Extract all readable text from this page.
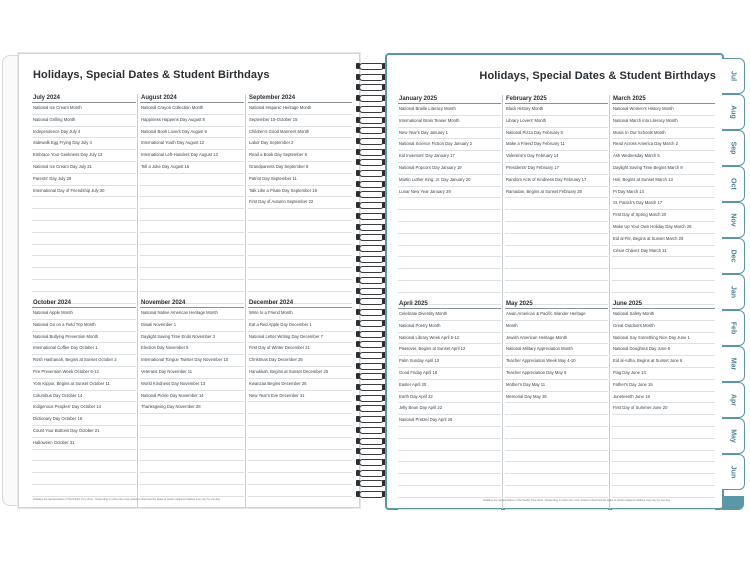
Holidays, Special Dates & Student Birthdays
July 2024
National Ice Cream Month
National Grilling Month
Independence Day July 4
Sidewalk Egg Frying Day July 4
Embrace Your Geekness Day July 13
National Ice Cream Day July 21
Parents' Day July 28
International Day of Friendship July 30
August 2024
National Crayon Collection Month
Happiness Happens Day August 8
National Book Lovers Day August 9
International Youth Day August 12
International Left-Handers Day August 13
Tell a Joke Day August 16
September 2024
National Hispanic Heritage Month
September 15-October 15
Children's Good Manners Month
Labor Day September 2
Read a Book Day September 6
Grandparents Day September 8
Patriot Day September 11
Talk Like a Pirate Day September 19
First Day of Autumn September 22
October 2024
National Apple Month
National Go on a Field Trip Month
National Bullying Prevention Month
International Coffee Day October 1
Rosh Hashanah, Begins at Sunset October 2
Fire Prevention Week October 6-12
Yom Kippur, Begins at Sunset October 11
Columbus Day October 14
Indigenous Peoples' Day October 14
Dictionary Day October 16
Count Your Buttons Day October 21
Halloween October 31
November 2024
National Native American Heritage Month
Diwali November 1
Daylight Saving Time Ends November 3
Election Day November 5
International Tongue Twister Day November 10
Veterans Day November 11
World Kindness Day November 13
National Pickle Day November 14
Thanksgiving Day November 28
December 2024
Write to a Friend Month
Eat a Red Apple Day December 1
National Letter Writing Day December 7
First Day of Winter December 21
Christmas Day December 25
Hanukkah, Begins at Sunset December 25
Kwanzaa Begins December 26
New Year's Eve December 31
Holidays are representative of the Pacific Time Zone - Depending on when the moon phase is observed the dates of certain religious holidays may vary by one day.
Holidays, Special Dates & Student Birthdays
January 2025
National Braille Literacy Month
International Brain Teaser Month
New Year's Day January 1
National Science Fiction Day January 2
Kid Inventors' Day January 17
National Popcorn Day January 19
Martin Luther King, Jr. Day January 20
Lunar New Year January 29
February 2025
Black History Month
Library Lovers' Month
National Pizza Day February 9
Make a Friend Day February 11
Valentine's Day February 14
Presidents' Day February 17
Random Acts of Kindness Day February 17
Ramadan, Begins at Sunset February 28
March 2025
National Women's History Month
National March into Literacy Month
Music In Our Schools Month
Read Across America Day March 2
Ash Wednesday March 5
Daylight Saving Time Begins March 9
Holi, Begins at Sunset March 13
Pi Day March 14
St. Patrick's Day March 17
First Day of Spring March 20
Make Up Your Own Holiday Day March 26
Eid al-Fitr, Begins at Sunset March 29
César Chávez Day March 31
April 2025
Celebrate Diversity Month
National Poetry Month
National Library Week April 6-12
Passover, Begins at Sunset April 12
Palm Sunday April 13
Good Friday April 18
Easter April 20
Earth Day April 22
Jelly Bean Day April 22
National Pretzel Day April 26
May 2025
Asian American & Pacific Islander Heritage
Month
Jewish American Heritage Month
National Military Appreciation Month
Teacher Appreciation Week May 4-10
Teacher Appreciation Day May 6
Mother's Day May 11
Memorial Day May 26
June 2025
National Safety Month
Great Outdoors Month
National Say Something Nice Day June 1
National Doughnut Day June 6
Eid al-Adha, Begins at Sunset June 6
Flag Day June 14
Father's Day June 15
Juneteenth June 19
First Day of Summer June 20
Holidays are representative of the Pacific Time Zone - Depending on when the moon phase is observed the dates of certain religious holidays may vary by one day.
Jul
Aug
Sep
Oct
Nov
Dec
Jan
Feb
Mar
Apr
May
Jun
